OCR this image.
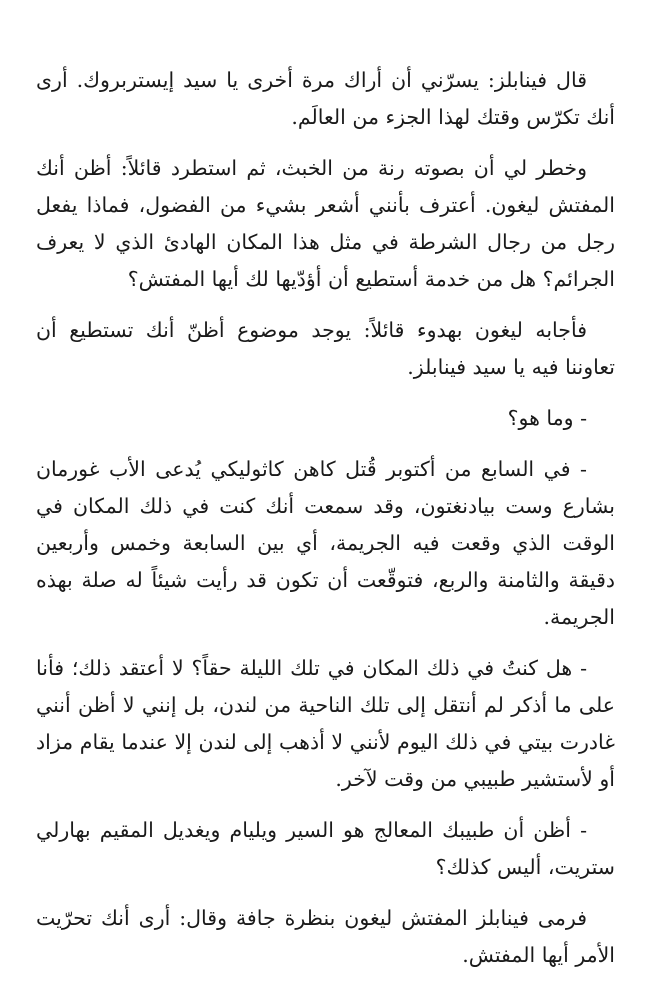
قال فينابلز: يسرّني أن أراك مرة أخرى يا سيد إيستربروك. أرى أنك تكرّس وقتك لهذا الجزء من العالَم.

وخطر لي أن بصوته رنة من الخبث، ثم استطرد قائلاً: أظن أنك المفتش ليغون. أعترف بأنني أشعر بشيء من الفضول، فماذا يفعل رجل من رجال الشرطة في مثل هذا المكان الهادئ الذي لا يعرف الجرائم؟ هل من خدمة أستطيع أن أؤدّيها لك أيها المفتش؟

فأجابه ليغون بهدوء قائلاً: يوجد موضوع أظنّ أنك تستطيع أن تعاوننا فيه يا سيد فينابلز.

- وما هو؟

- في السابع من أكتوبر قُتل كاهن كاثوليكي يُدعى الأب غورمان بشارع وست بيادنغتون، وقد سمعت أنك كنت في ذلك المكان في الوقت الذي وقعت فيه الجريمة، أي بين السابعة وخمس وأربعين دقيقة والثامنة والربع، فتوقّعت أن تكون قد رأيت شيئاً له صلة بهذه الجريمة.

- هل كنتُ في ذلك المكان في تلك الليلة حقاً؟ لا أعتقد ذلك؛ فأنا على ما أذكر لم أنتقل إلى تلك الناحية من لندن، بل إنني لا أظن أنني غادرت بيتي في ذلك اليوم لأنني لا أذهب إلى لندن إلا عندما يقام مزاد أو لأستشير طبيبي من وقت لآخر.

- أظن أن طبيبك المعالج هو السير ويليام ويغديل المقيم بهارلي ستريت، أليس كذلك؟

فرمى فينابلز المفتش ليغون بنظرة جافة وقال: أرى أنك تحرّيت الأمر أيها المفتش.
